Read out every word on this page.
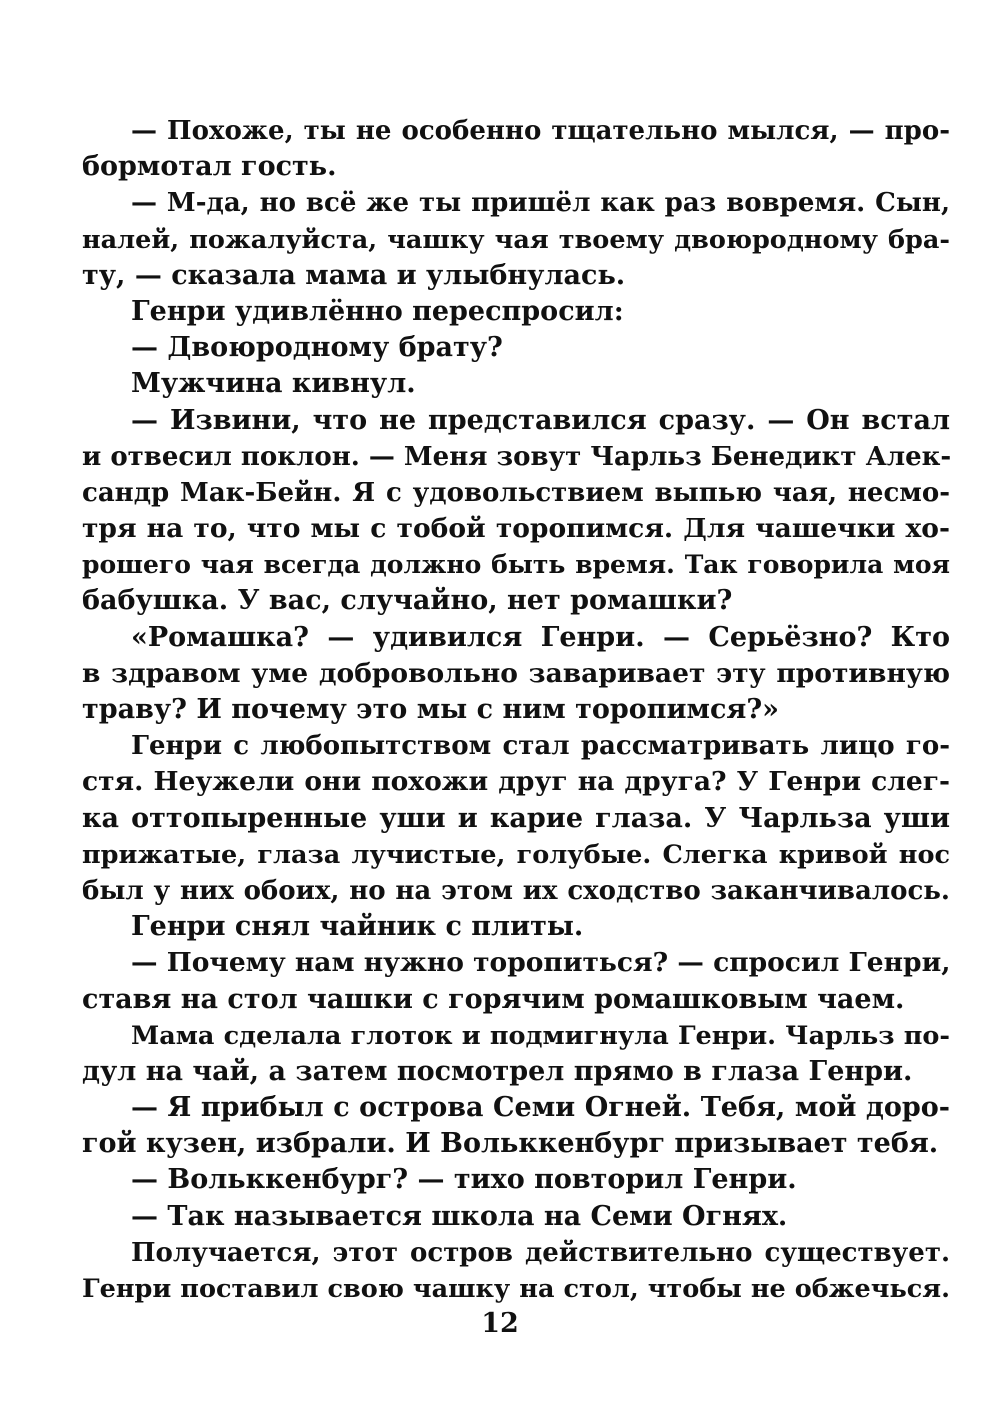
— Похоже, ты не особенно тщательно мылся, — про-
бормотал гость.
— М-да, но всё же ты пришёл как раз вовремя. Сын,
налей, пожалуйста, чашку чая твоему двоюродному бра-
ту, — сказала мама и улыбнулась.
Генри удивлённо переспросил:
— Двоюродному брату?
Мужчина кивнул.
— Извини, что не представился сразу. — Он встал
и отвесил поклон. — Меня зовут Чарльз Бенедикт Алек-
сандр Мак-Бейн. Я с удовольствием выпью чая, несмо-
тря на то, что мы с тобой торопимся. Для чашечки хо-
рошего чая всегда должно быть время. Так говорила моя
бабушка. У вас, случайно, нет ромашки?
«Ромашка? — удивился Генри. — Серьёзно? Кто
в здравом уме добровольно заваривает эту противную
траву? И почему это мы с ним торопимся?»
Генри с любопытством стал рассматривать лицо го-
стя. Неужели они похожи друг на друга? У Генри слег-
ка оттопыренные уши и карие глаза. У Чарльза уши
прижатые, глаза лучистые, голубые. Слегка кривой нос
был у них обоих, но на этом их сходство заканчивалось.
Генри снял чайник с плиты.
— Почему нам нужно торопиться? — спросил Генри,
ставя на стол чашки с горячим ромашковым чаем.
Мама сделала глоток и подмигнула Генри. Чарльз по-
дул на чай, а затем посмотрел прямо в глаза Генри.
— Я прибыл с острова Семи Огней. Тебя, мой доро-
гой кузен, избрали. И Вольккенбург призывает тебя.
— Вольккенбург? — тихо повторил Генри.
— Так называется школа на Семи Огнях.
Получается, этот остров действительно существует.
Генри поставил свою чашку на стол, чтобы не обжечься.
12
